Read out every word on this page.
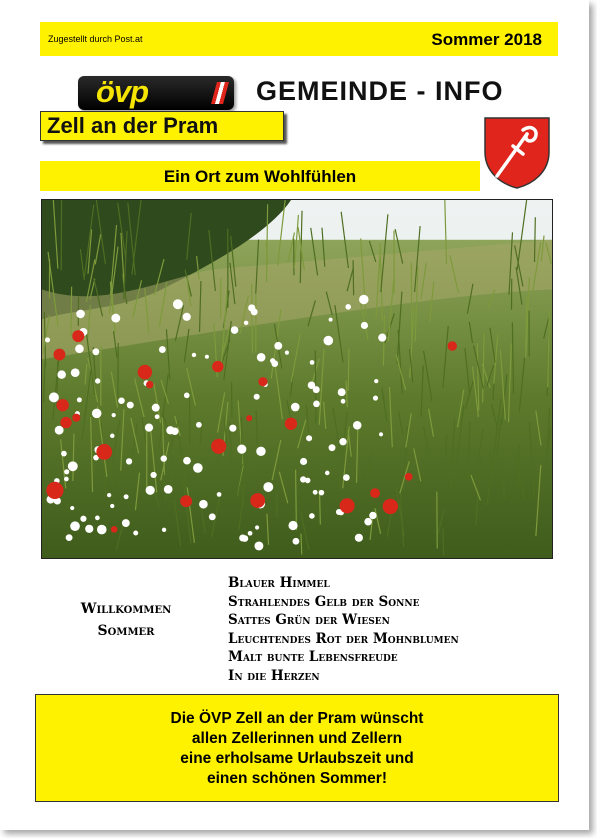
Zugestellt durch Post.at	Sommer 2018
övp	GEMEINDE - INFO
Zell an der Pram
Ein Ort zum Wohlfühlen
Willkommen
Sommer
Blauer Himmel
Strahlendes Gelb der Sonne
Sattes Grün der Wiesen
Leuchtendes Rot der Mohnblumen
Malt bunte Lebensfreude
In die Herzen
Die ÖVP Zell an der Pram wünscht
allen Zellerinnen und Zellern
eine erholsame Urlaubszeit und
einen schönen Sommer!
